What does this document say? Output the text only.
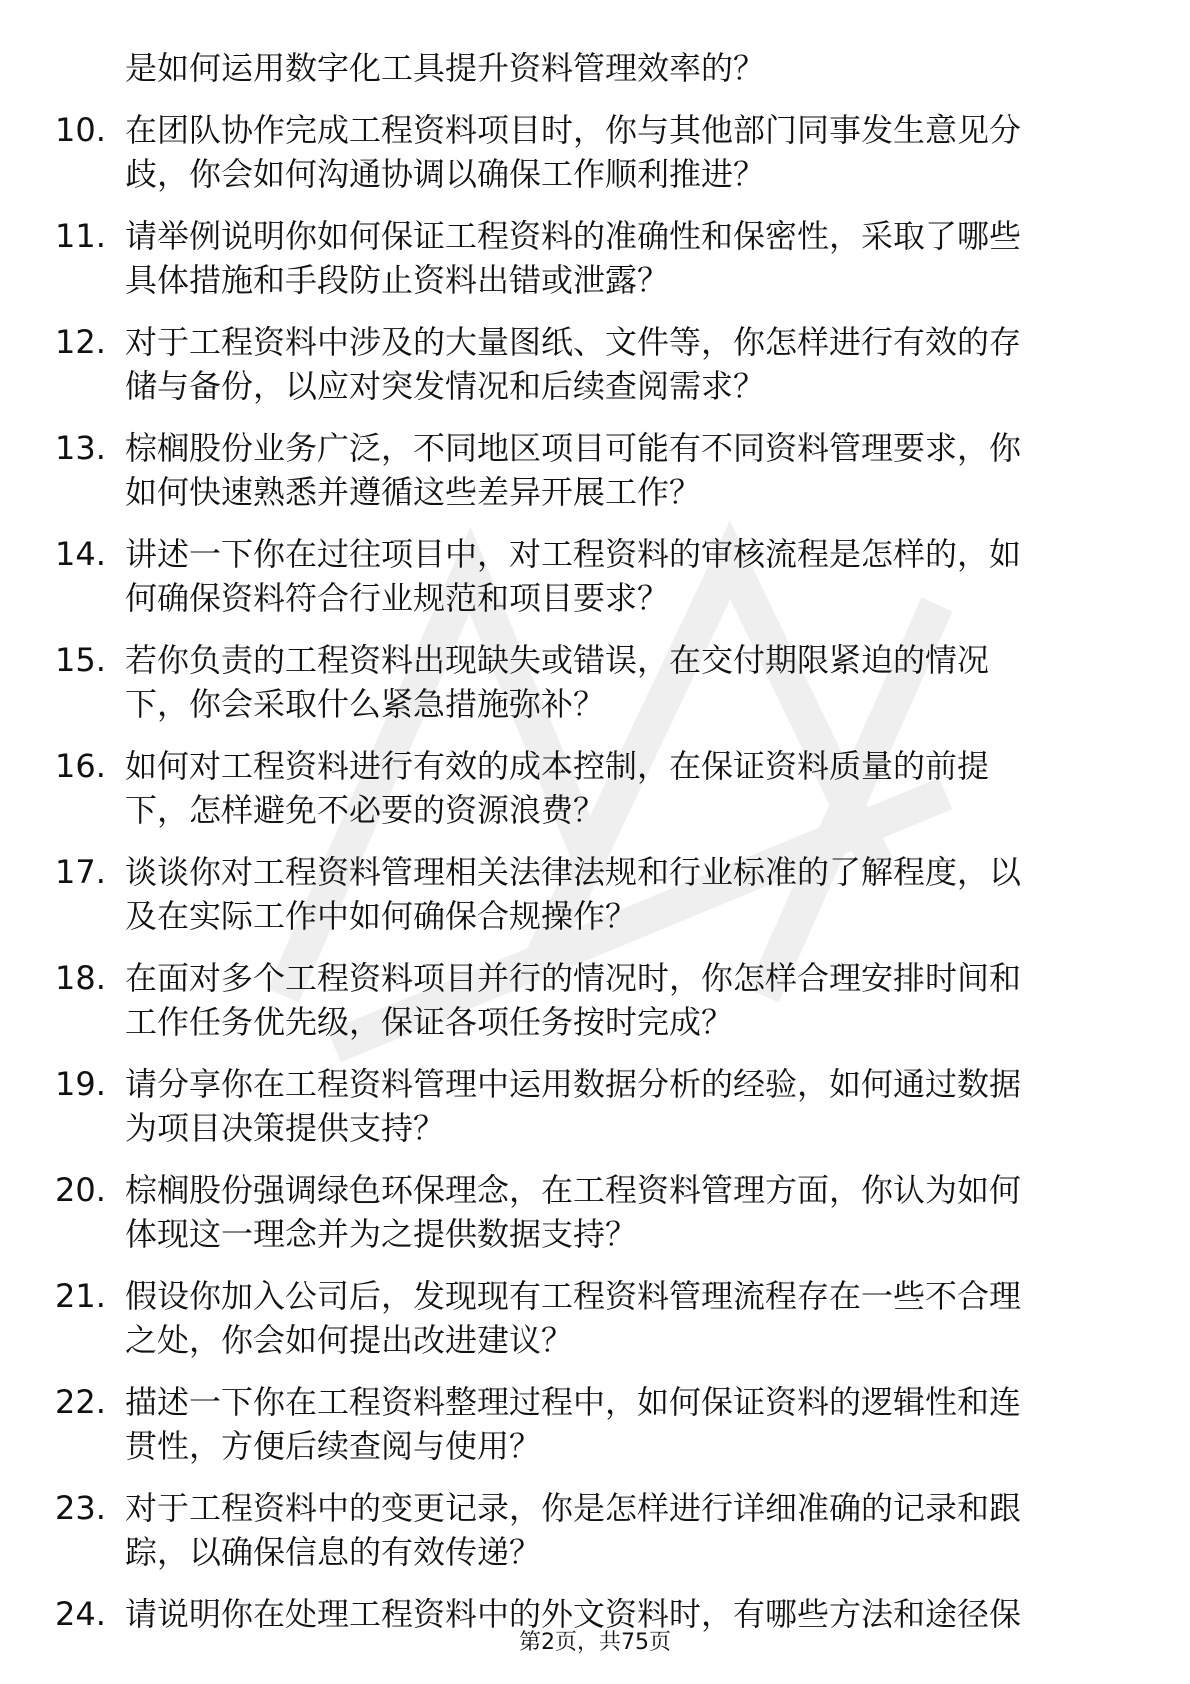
是如何运用数字化工具提升资料管理效率的？
10. 在团队协作完成工程资料项目时，你与其他部门同事发生意见分
歧，你会如何沟通协调以确保工作顺利推进？
11. 请举例说明你如何保证工程资料的准确性和保密性，采取了哪些
具体措施和手段防止资料出错或泄露？
12. 对于工程资料中涉及的大量图纸、文件等，你怎样进行有效的存
储与备份，以应对突发情况和后续查阅需求？
13. 棕榈股份业务广泛，不同地区项目可能有不同资料管理要求，你
如何快速熟悉并遵循这些差异开展工作？
14. 讲述一下你在过往项目中，对工程资料的审核流程是怎样的，如
何确保资料符合行业规范和项目要求？
15. 若你负责的工程资料出现缺失或错误，在交付期限紧迫的情况
下，你会采取什么紧急措施弥补？
16. 如何对工程资料进行有效的成本控制，在保证资料质量的前提
下，怎样避免不必要的资源浪费？
17. 谈谈你对工程资料管理相关法律法规和行业标准的了解程度，以
及在实际工作中如何确保合规操作？
18. 在面对多个工程资料项目并行的情况时，你怎样合理安排时间和
工作任务优先级，保证各项任务按时完成？
19. 请分享你在工程资料管理中运用数据分析的经验，如何通过数据
为项目决策提供支持？
20. 棕榈股份强调绿色环保理念，在工程资料管理方面，你认为如何
体现这一理念并为之提供数据支持？
21. 假设你加入公司后，发现现有工程资料管理流程存在一些不合理
之处，你会如何提出改进建议？
22. 描述一下你在工程资料整理过程中，如何保证资料的逻辑性和连
贯性，方便后续查阅与使用？
23. 对于工程资料中的变更记录，你是怎样进行详细准确的记录和跟
踪，以确保信息的有效传递？
24. 请说明你在处理工程资料中的外文资料时，有哪些方法和途径保
第2页，共75页
